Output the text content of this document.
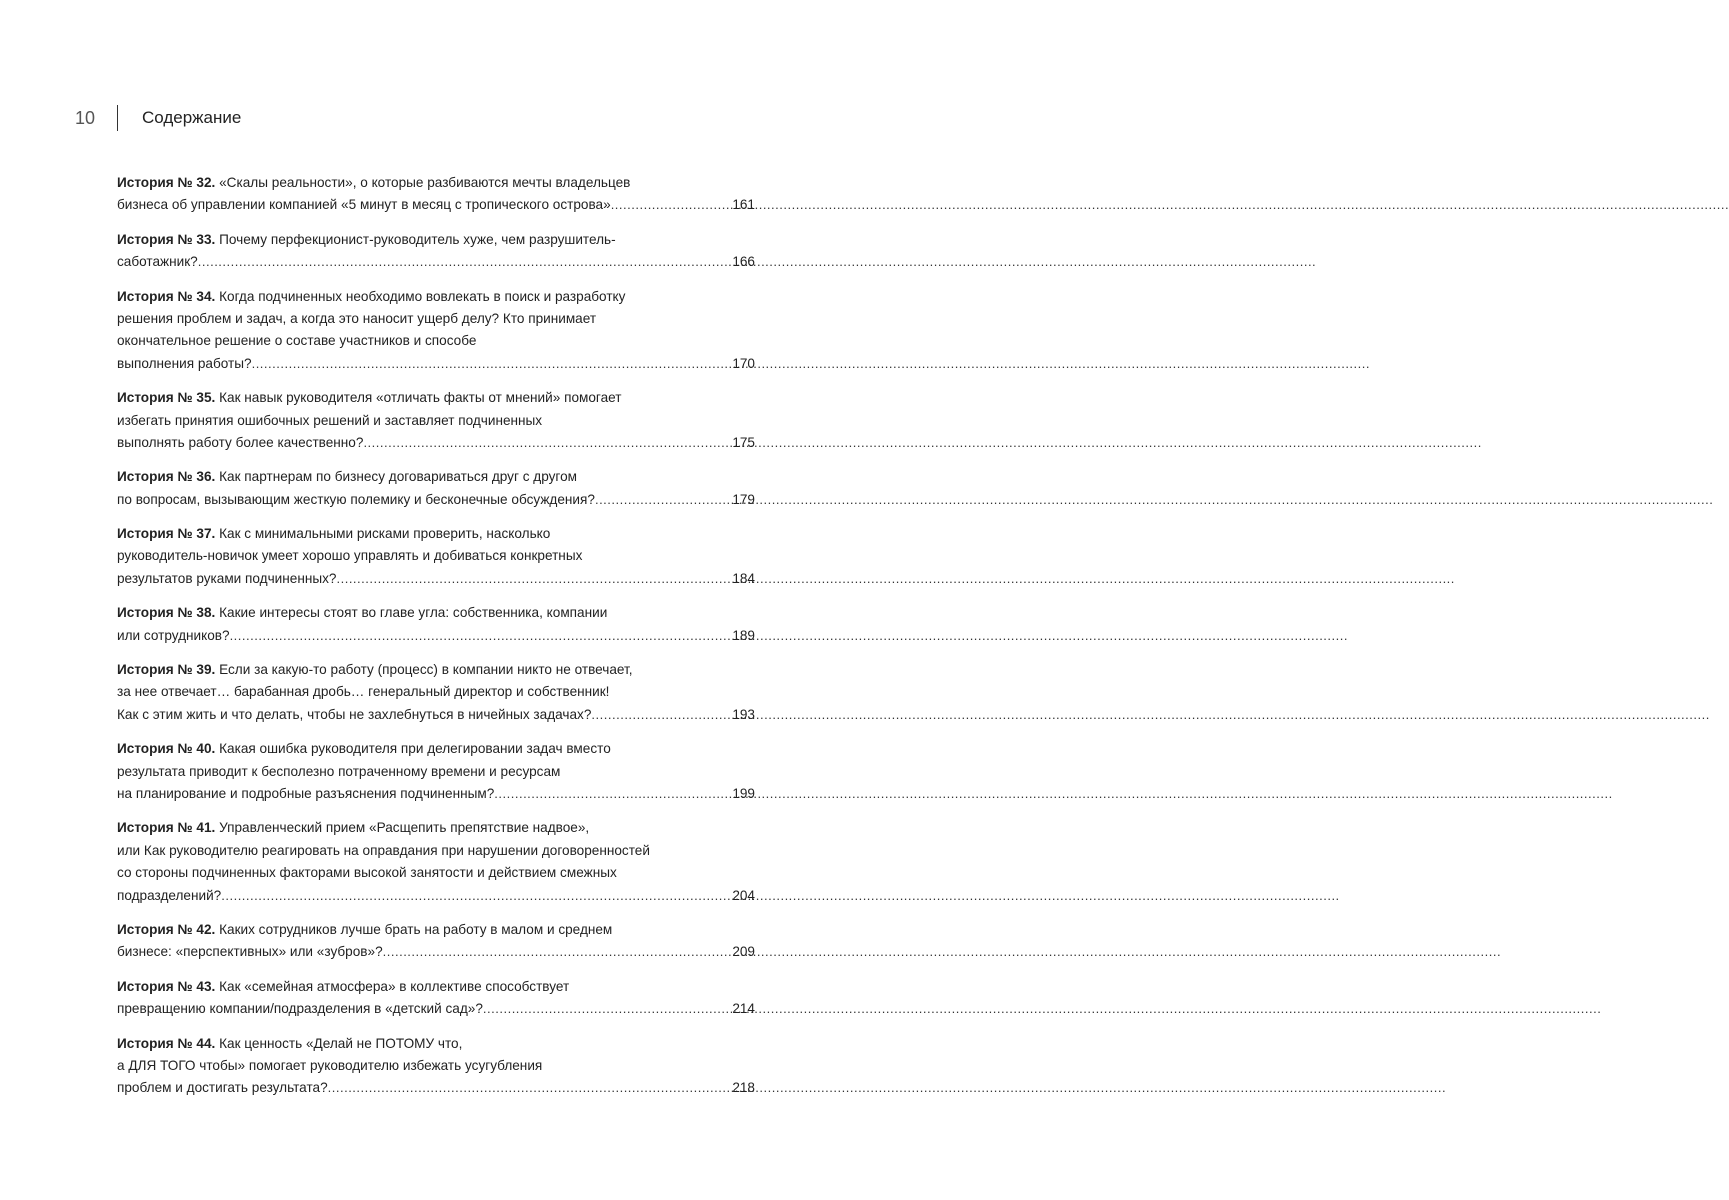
10	Содержание
История № 32. «Скалы реальности», о которые разбиваются мечты владельцев
бизнеса об управлении компанией «5 минут в месяц с тропического острова» .....	161
История № 33. Почему перфекционист-руководитель хуже, чем разрушитель-
саботажник? .....	166
История № 34. Когда подчиненных необходимо вовлекать в поиск и разработку
решения проблем и задач, а когда это наносит ущерб делу? Кто принимает
окончательное решение о составе участников и способе
выполнения работы? .....	170
История № 35. Как навык руководителя «отличать факты от мнений» помогает
избегать принятия ошибочных решений и заставляет подчиненных
выполнять работу более качественно? .....	175
История № 36. Как партнерам по бизнесу договариваться друг с другом
по вопросам, вызывающим жесткую полемику и бесконечные обсуждения? .....	179
История № 37. Как с минимальными рисками проверить, насколько
руководитель-новичок умеет хорошо управлять и добиваться конкретных
результатов руками подчиненных? .....	184
История № 38. Какие интересы стоят во главе угла: собственника, компании
или сотрудников? .....	189
История № 39. Если за какую-то работу (процесс) в компании никто не отвечает,
за нее отвечает… барабанная дробь… генеральный директор и собственник!
Как с этим жить и что делать, чтобы не захлебнуться в ничейных задачах? .....	193
История № 40. Какая ошибка руководителя при делегировании задач вместо
результата приводит к бесполезно потраченному времени и ресурсам
на планирование и подробные разъяснения подчиненным? .....	199
История № 41. Управленческий прием «Расщепить препятствие надвое»,
или Как руководителю реагировать на оправдания при нарушении договоренностей
со стороны подчиненных факторами высокой занятости и действием смежных
подразделений? .....	204
История № 42. Каких сотрудников лучше брать на работу в малом и среднем
бизнесе: «перспективных» или «зубров»? .....	209
История № 43. Как «семейная атмосфера» в коллективе способствует
превращению компании/подразделения в «детский сад»? .....	214
История № 44. Как ценность «Делай не ПОТОМУ что,
а ДЛЯ ТОГО чтобы» помогает руководителю избежать усугубления
проблем и достигать результата? .....	218
